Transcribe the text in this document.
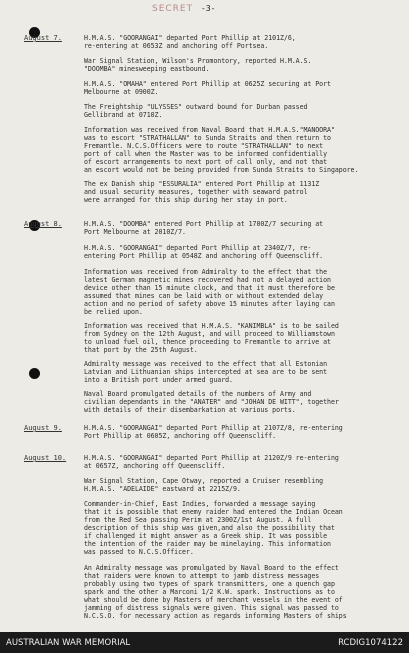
SECRET -3-
August 7.	H.M.A.S. "GOORANGAI" departed Port Phillip at 2101Z/6,
re-entering at 0653Z and anchoring off Portsea.
War Signal Station, Wilson's Promontory, reported H.M.A.S.
"DOOMBA" minesweeping eastbound.
H.M.A.S. "OMAHA" entered Port Phillip at 0625Z securing at Port
Melbourne at 0900Z.
The Freightship "ULYSSES" outward bound for Durban passed
Gellibrand at 0710Z.
Information was received from Naval Board that H.M.A.S."MANOORA"
was to escort "STRATHALLAN" to Sunda Straits and then return to
Fremantle. N.C.S.Officers were to route "STRATHALLAN" to next
port of call when the Master was to be informed confidentially
of escort arrangements to next port of call only, and not that
an escort would not be being provided from Sunda Straits to Singapore.
The ex Danish ship "ESSURALIA" entered Port Phillip at 1131Z
and usual security measures, together with seaward patrol
were arranged for this ship during her stay in port.
August 8.	H.M.A.S. "DOOMBA" entered Port Phillip at 1700Z/7 securing at
Port Melbourne at 2010Z/7.
H.M.A.S. "GOORANGAI" departed Port Phillip at 2340Z/7, re-
entering Port Phillip at 0548Z and anchoring off Queenscliff.
Information was received from Admiralty to the effect that the
latest German magnetic mines recovered had not a delayed action
device other than 15 minute clock, and that it must therefore be
assumed that mines can be laid with or without extended delay
action and no period of safety above 15 minutes after laying can
be relied upon.
Information was received that H.M.A.S. "KANIMBLA" is to be sailed
from Sydney on the 12th August, and will proceed to Williamstown
to unload fuel oil, thence proceeding to Fremantle to arrive at
that port by the 25th August.
Admiralty message was received to the effect that all Estonian
Latvian and Lithuanian ships intercepted at sea are to be sent
into a British port under armed guard.
Naval Board promulgated details of the numbers of Army and
civilian dependants in the "ANATER" and "JOHAN DE WITT", together
with details of their disembarkation at various ports.
August 9.	H.M.A.S. "GOORANGAI" departed Port Phillip at 2107Z/8, re-entering
Port Phillip at 0605Z, anchoring off Queenscliff.
August 10.	H.M.A.S. "GOORANGAI" departed Port Phillip at 2120Z/9 re-entering
at 0657Z, anchoring off Queenscliff.
War Signal Station, Cape Otway, reported a Cruiser resembling
H.M.A.S. "ADELAIDE" eastward at 2215Z/9.
Commander-in-Chief, East Indies, forwarded a message saying
that it is possible that enemy raider had entered the Indian Ocean
from the Red Sea passing Perim at 2300Z/1st August. A full
description of this ship was given,and also the possibility that
if challenged it might answer as a Greek ship. It was possible
the intention of the raider may be minelaying. This information
was passed to N.C.S.Officer.
An Admiralty message was promulgated by Naval Board to the effect
that raiders were known to attempt to jamb distress messages
probably using two types of spark transmitters, one a quench gap
spark and the other a Marconi 1/2 K.W. spark. Instructions as to
what should be done by Masters of merchant vessels in the event of
jamming of distress signals were given. This signal was passed to
N.C.S.O. for necessary action as regards informing Masters of ships
AUSTRALIAN WAR MEMORIAL	RCDIG1074122
